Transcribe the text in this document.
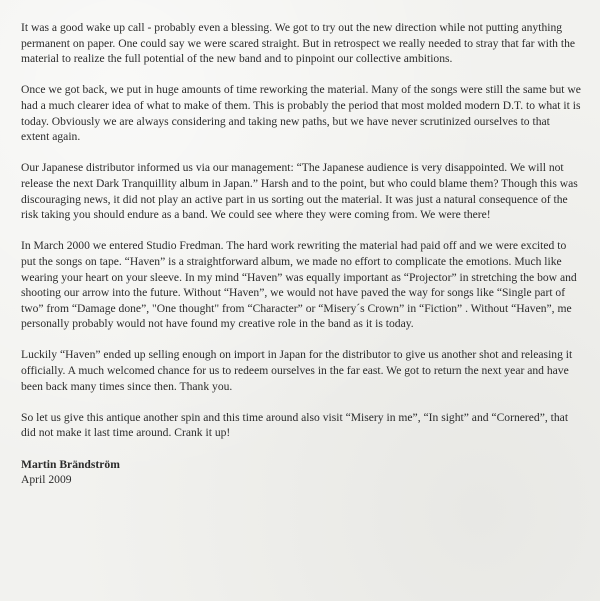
It was a good wake up call - probably even a blessing. We got to try out the new direction while not putting anything permanent on paper. One could say we were scared straight. But in retrospect we really needed to stray that far with the material to realize the full potential of the new band and to pinpoint our collective ambitions.

Once we got back, we put in huge amounts of time reworking the material. Many of the songs were still the same but we had a much clearer idea of what to make of them. This is probably the period that most molded modern D.T. to what it is today. Obviously we are always considering and taking new paths, but we have never scrutinized ourselves to that extent again.

Our Japanese distributor informed us via our management: “The Japanese audience is very disappointed. We will not release the next Dark Tranquillity album in Japan.” Harsh and to the point, but who could blame them? Though this was discouraging news, it did not play an active part in us sorting out the material. It was just a natural consequence of the risk taking you should endure as a band. We could see where they were coming from. We were there!

In March 2000 we entered Studio Fredman. The hard work rewriting the material had paid off and we were excited to put the songs on tape. “Haven” is a straightforward album, we made no effort to complicate the emotions. Much like wearing your heart on your sleeve. In my mind “Haven” was equally important as “Projector” in stretching the bow and shooting our arrow into the future. Without “Haven”, we would not have paved the way for songs like “Single part of two” from “Damage done”, "One thought" from “Character” or “Misery´s Crown” in “Fiction” . Without “Haven”, me personally probably would not have found my creative role in the band as it is today.

Luckily “Haven” ended up selling enough on import in Japan for the distributor to give us another shot and releasing it officially. A much welcomed chance for us to redeem ourselves in the far east. We got to return the next year and have been back many times since then. Thank you.

So let us give this antique another spin and this time around also visit “Misery in me”, “In sight” and “Cornered”, that did not make it last time around. Crank it up!

Martin Brändström

April 2009
